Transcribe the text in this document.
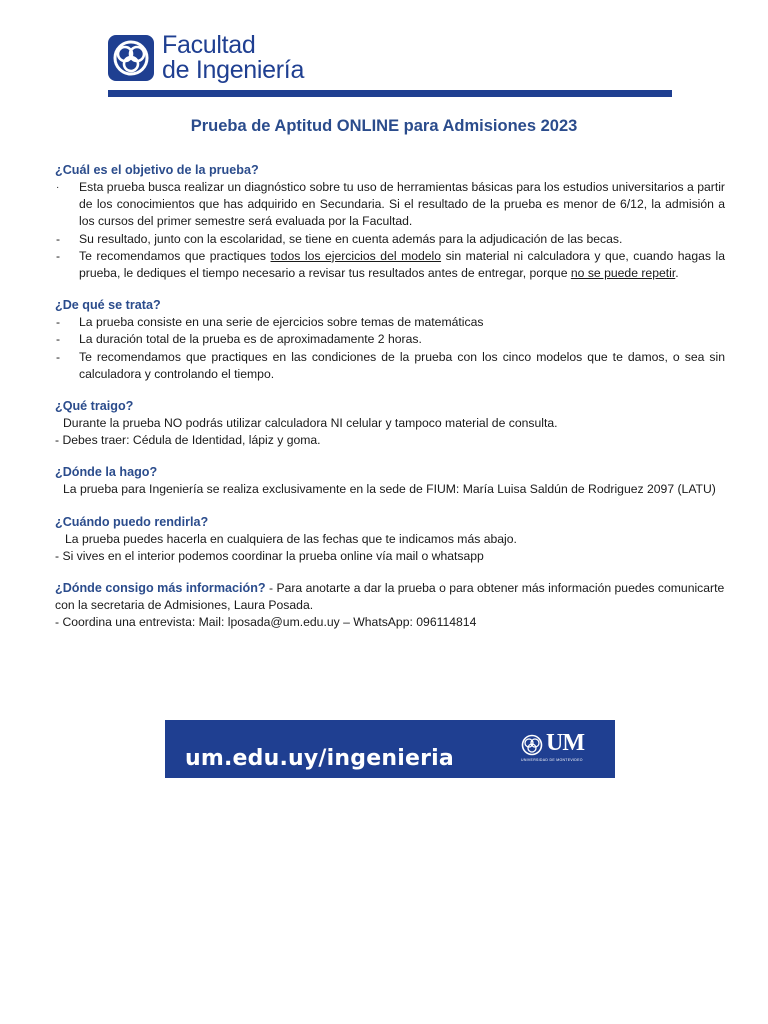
Facultad
de Ingeniería
Prueba de Aptitud ONLINE para Admisiones 2023
¿Cuál es el objetivo de la prueba?
· Esta prueba busca realizar un diagnóstico sobre tu uso de herramientas básicas para los estudios universitarios a partir de los conocimientos que has adquirido en Secundaria. Si el resultado de la prueba es menor de 6/12, la admisión a los cursos del primer semestre será evaluada por la Facultad.
- Su resultado, junto con la escolaridad, se tiene en cuenta además para la adjudicación de las becas.
- Te recomendamos que practiques todos los ejercicios del modelo sin material ni calculadora y que, cuando hagas la prueba, le dediques el tiempo necesario a revisar tus resultados antes de entregar, porque no se puede repetir.
¿De qué se trata?
- La prueba consiste en una serie de ejercicios sobre temas de matemáticas
- La duración total de la prueba es de aproximadamente 2 horas.
- Te recomendamos que practiques en las condiciones de la prueba con los cinco modelos que te damos, o sea sin calculadora y controlando el tiempo.
¿Qué traigo?
Durante la prueba NO podrás utilizar calculadora NI celular y tampoco material de consulta.
- Debes traer: Cédula de Identidad, lápiz y goma.
¿Dónde la hago?
La prueba para Ingeniería se realiza exclusivamente en la sede de FIUM: María Luisa Saldún de Rodriguez 2097 (LATU)
¿Cuándo puedo rendirla?
La prueba puedes hacerla en cualquiera de las fechas que te indicamos más abajo.
- Si vives en el interior podemos coordinar la prueba online vía mail o whatsapp
¿Dónde consigo más información? - Para anotarte a dar la prueba o para obtener más información puedes comunicarte con la secretaria de Admisiones, Laura Posada.
- Coordina una entrevista: Mail: lposada@um.edu.uy – WhatsApp: 096114814
um.edu.uy/ingenieria
UM
UNIVERSIDAD DE MONTEVIDEO
